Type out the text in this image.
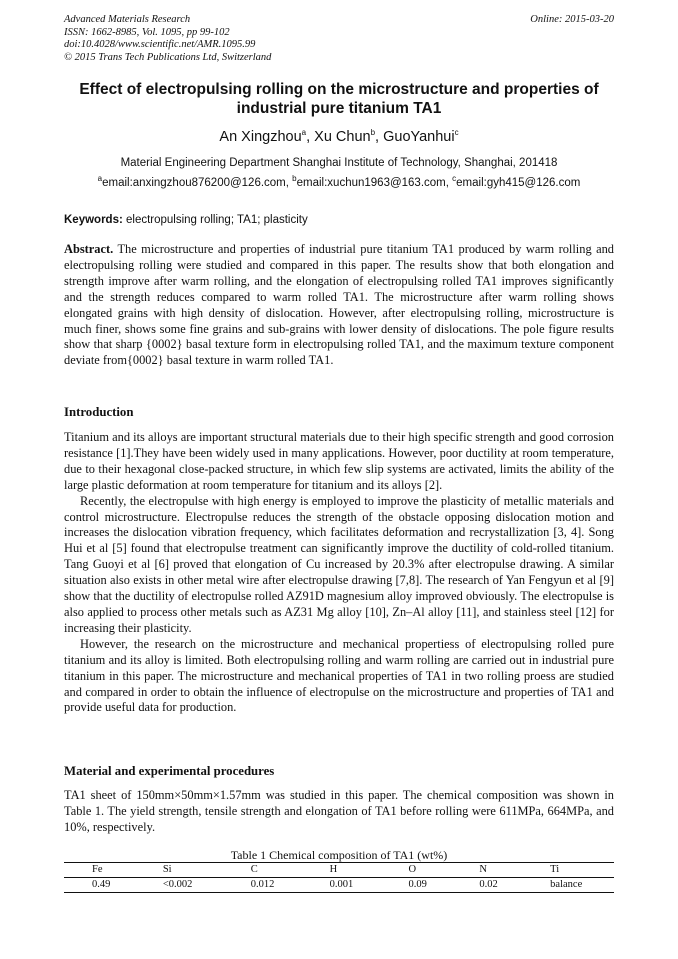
Advanced Materials Research
ISSN: 1662-8985, Vol. 1095, pp 99-102
doi:10.4028/www.scientific.net/AMR.1095.99
© 2015 Trans Tech Publications Ltd, Switzerland
Online: 2015-03-20
Effect of electropulsing rolling on the microstructure and properties of industrial pure titanium TA1
An Xingzhou$^a$, Xu Chun$^b$, GuoYanhui$^c$
Material Engineering Department Shanghai Institute of Technology, Shanghai, 201418
$^a$email:anxingzhou876200@126.com, $^b$email:xuchun1963@163.com, $^c$email:gyh415@126.com
Keywords: electropulsing rolling; TA1; plasticity

Abstract. The microstructure and properties of industrial pure titanium TA1 produced by warm rolling and electropulsing rolling were studied and compared in this paper. The results show that both elongation and strength improve after warm rolling, and the elongation of electropulsing rolled TA1 improves significantly and the strength reduces compared to warm rolled TA1. The microstructure after warm rolling shows elongated grains with high density of dislocation. However, after electropulsing rolling, microstructure is much finer, shows some fine grains and sub-grains with lower density of dislocations. The pole figure results show that sharp {0002} basal texture form in electropulsing rolled TA1, and the maximum texture component deviate from{0002} basal texture in warm rolled TA1.

Introduction

Titanium and its alloys are important structural materials due to their high specific strength and good corrosion resistance [1].They have been widely used in many applications. However, poor ductility at room temperature, due to their hexagonal close-packed structure, in which few slip systems are activated, limits the ability of the large plastic deformation at room temperature for titanium and its alloys [2].

Recently, the electropulse with high energy is employed to improve the plasticity of metallic materials and control microstructure. Electropulse reduces the strength of the obstacle opposing dislocation motion and increases the dislocation vibration frequency, which facilitates deformation and recrystallization [3, 4]. Song Hui et al [5] found that electropulse treatment can significantly improve the ductility of cold-rolled titanium. Tang Guoyi et al [6] proved that elongation of Cu increased by 20.3% after electropulse drawing. A similar situation also exists in other metal wire after electropulse drawing [7,8]. The research of Yan Fengyun et al [9] show that the ductility of electropulse rolled AZ91D magnesium alloy improved obviously. The electropulse is also applied to process other metals such as AZ31 Mg alloy [10], Zn–Al alloy [11], and stainless steel [12] for increasing their plasticity.

However, the research on the microstructure and mechanical propertiess of electropulsing rolled pure titanium and its alloy is limited. Both electropulsing rolling and warm rolling are carried out in industrial pure titanium in this paper. The microstructure and mechanical properties of TA1 in two rolling proess are studied and compared in order to obtain the influence of electropulse on the microstructure and properties of TA1 and provide useful data for production.

Material and experimental procedures

TA1 sheet of 150mm×50mm×1.57mm was studied in this paper. The chemical composition was shown in Table 1. The yield strength, tensile strength and elongation of TA1 before rolling were 611MPa, 664MPa, and 10%, respectively.

Table 1 Chemical composition of TA1 (wt%)
Fe	Si	C	H	O	N	Ti
0.49	<0.002	0.012	0.001	0.09	0.02	balance
